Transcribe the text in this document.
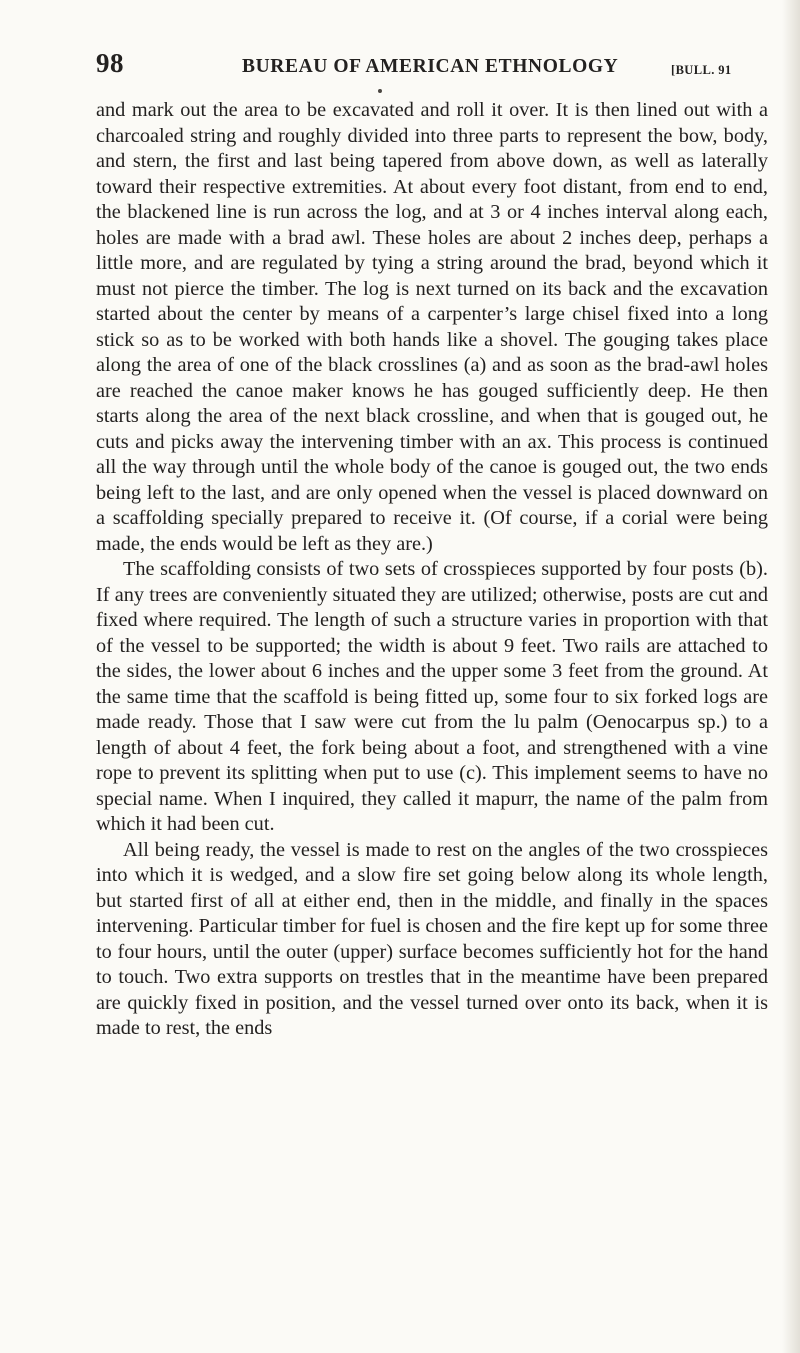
98	BUREAU OF AMERICAN ETHNOLOGY	[BULL. 91

and mark out the area to be excavated and roll it over. It is then lined out with a charcoaled string and roughly divided into three parts to represent the bow, body, and stern, the first and last being tapered from above down, as well as laterally toward their respective extremities. At about every foot distant, from end to end, the blackened line is run across the log, and at 3 or 4 inches interval along each, holes are made with a brad awl. These holes are about 2 inches deep, perhaps a little more, and are regulated by tying a string around the brad, beyond which it must not pierce the timber. The log is next turned on its back and the excavation started about the center by means of a carpenter’s large chisel fixed into a long stick so as to be worked with both hands like a shovel. The gouging takes place along the area of one of the black crosslines (a) and as soon as the brad-awl holes are reached the canoe maker knows he has gouged sufficiently deep. He then starts along the area of the next black crossline, and when that is gouged out, he cuts and picks away the intervening timber with an ax. This process is continued all the way through until the whole body of the canoe is gouged out, the two ends being left to the last, and are only opened when the vessel is placed downward on a scaffolding specially prepared to receive it. (Of course, if a corial were being made, the ends would be left as they are.)

The scaffolding consists of two sets of crosspieces supported by four posts (b). If any trees are conveniently situated they are utilized; otherwise, posts are cut and fixed where required. The length of such a structure varies in proportion with that of the vessel to be supported; the width is about 9 feet. Two rails are attached to the sides, the lower about 6 inches and the upper some 3 feet from the ground. At the same time that the scaffold is being fitted up, some four to six forked logs are made ready. Those that I saw were cut from the lu palm (Oenocarpus sp.) to a length of about 4 feet, the fork being about a foot, and strengthened with a vine rope to prevent its splitting when put to use (c). This implement seems to have no special name. When I inquired, they called it mapurr, the name of the palm from which it had been cut.

All being ready, the vessel is made to rest on the angles of the two crosspieces into which it is wedged, and a slow fire set going below along its whole length, but started first of all at either end, then in the middle, and finally in the spaces intervening. Particular timber for fuel is chosen and the fire kept up for some three to four hours, until the outer (upper) surface becomes sufficiently hot for the hand to touch. Two extra supports on trestles that in the meantime have been prepared are quickly fixed in position, and the vessel turned over onto its back, when it is made to rest, the ends
